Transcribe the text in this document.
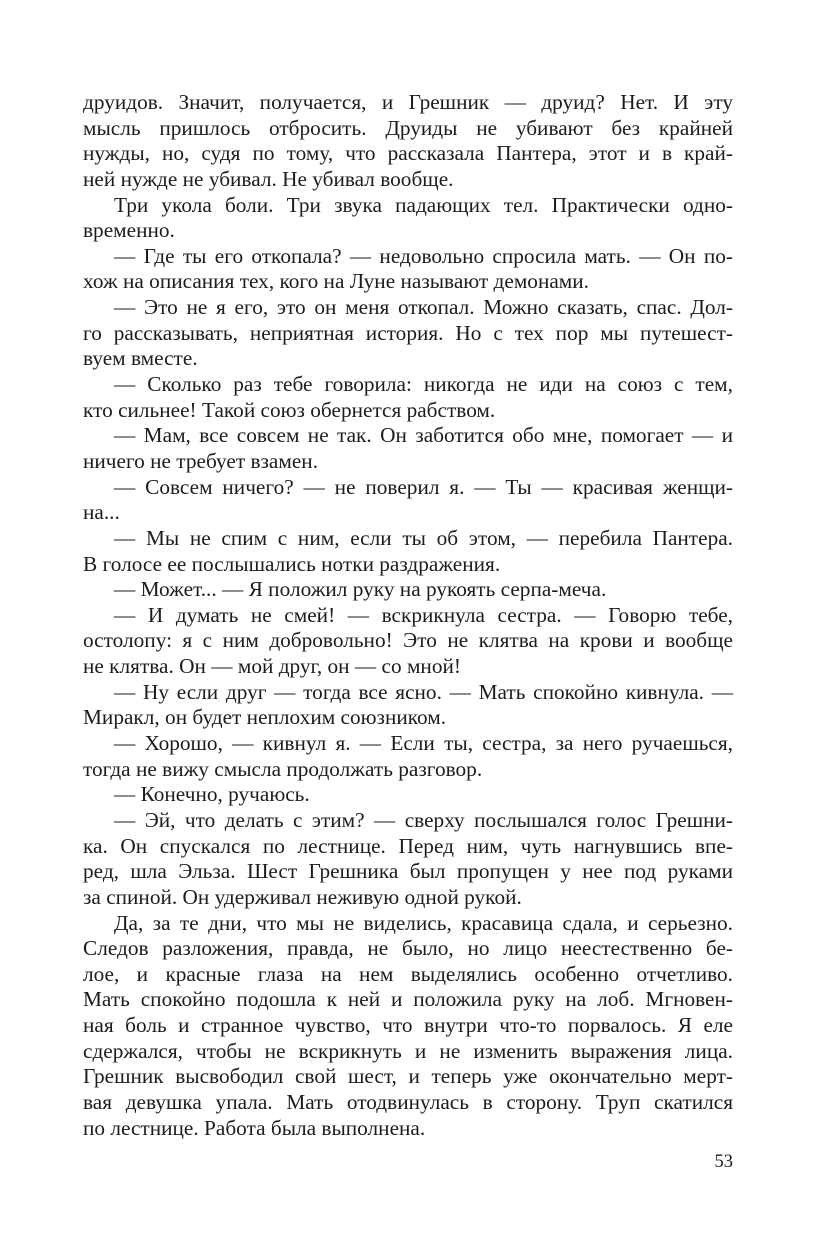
друидов. Значит, получается, и Грешник — друид? Нет. И эту
мысль пришлось отбросить. Друиды не убивают без крайней
нужды, но, судя по тому, что рассказала Пантера, этот и в край-
ней нужде не убивал. Не убивал вообще.
Три укола боли. Три звука падающих тел. Практически одно-
временно.
— Где ты его откопала? — недовольно спросила мать. — Он по-
хож на описания тех, кого на Луне называют демонами.
— Это не я его, это он меня откопал. Можно сказать, спас. Дол-
го рассказывать, неприятная история. Но с тех пор мы путешест-
вуем вместе.
— Сколько раз тебе говорила: никогда не иди на союз с тем,
кто сильнее! Такой союз обернется рабством.
— Мам, все совсем не так. Он заботится обо мне, помогает — и
ничего не требует взамен.
— Совсем ничего? — не поверил я. — Ты — красивая женщи-
на...
— Мы не спим с ним, если ты об этом, — перебила Пантера.
В голосе ее послышались нотки раздражения.
— Может... — Я положил руку на рукоять серпа-меча.
— И думать не смей! — вскрикнула сестра. — Говорю тебе,
остолопу: я с ним добровольно! Это не клятва на крови и вообще
не клятва. Он — мой друг, он — со мной!
— Ну если друг — тогда все ясно. — Мать спокойно кивнула. —
Миракл, он будет неплохим союзником.
— Хорошо, — кивнул я. — Если ты, сестра, за него ручаешься,
тогда не вижу смысла продолжать разговор.
— Конечно, ручаюсь.
— Эй, что делать с этим? — сверху послышался голос Грешни-
ка. Он спускался по лестнице. Перед ним, чуть нагнувшись впе-
ред, шла Эльза. Шест Грешника был пропущен у нее под руками
за спиной. Он удерживал неживую одной рукой.
Да, за те дни, что мы не виделись, красавица сдала, и серьезно.
Следов разложения, правда, не было, но лицо неестественно бе-
лое, и красные глаза на нем выделялись особенно отчетливо.
Мать спокойно подошла к ней и положила руку на лоб. Мгновен-
ная боль и странное чувство, что внутри что-то порвалось. Я еле
сдержался, чтобы не вскрикнуть и не изменить выражения лица.
Грешник высвободил свой шест, и теперь уже окончательно мерт-
вая девушка упала. Мать отодвинулась в сторону. Труп скатился
по лестнице. Работа была выполнена.
53
